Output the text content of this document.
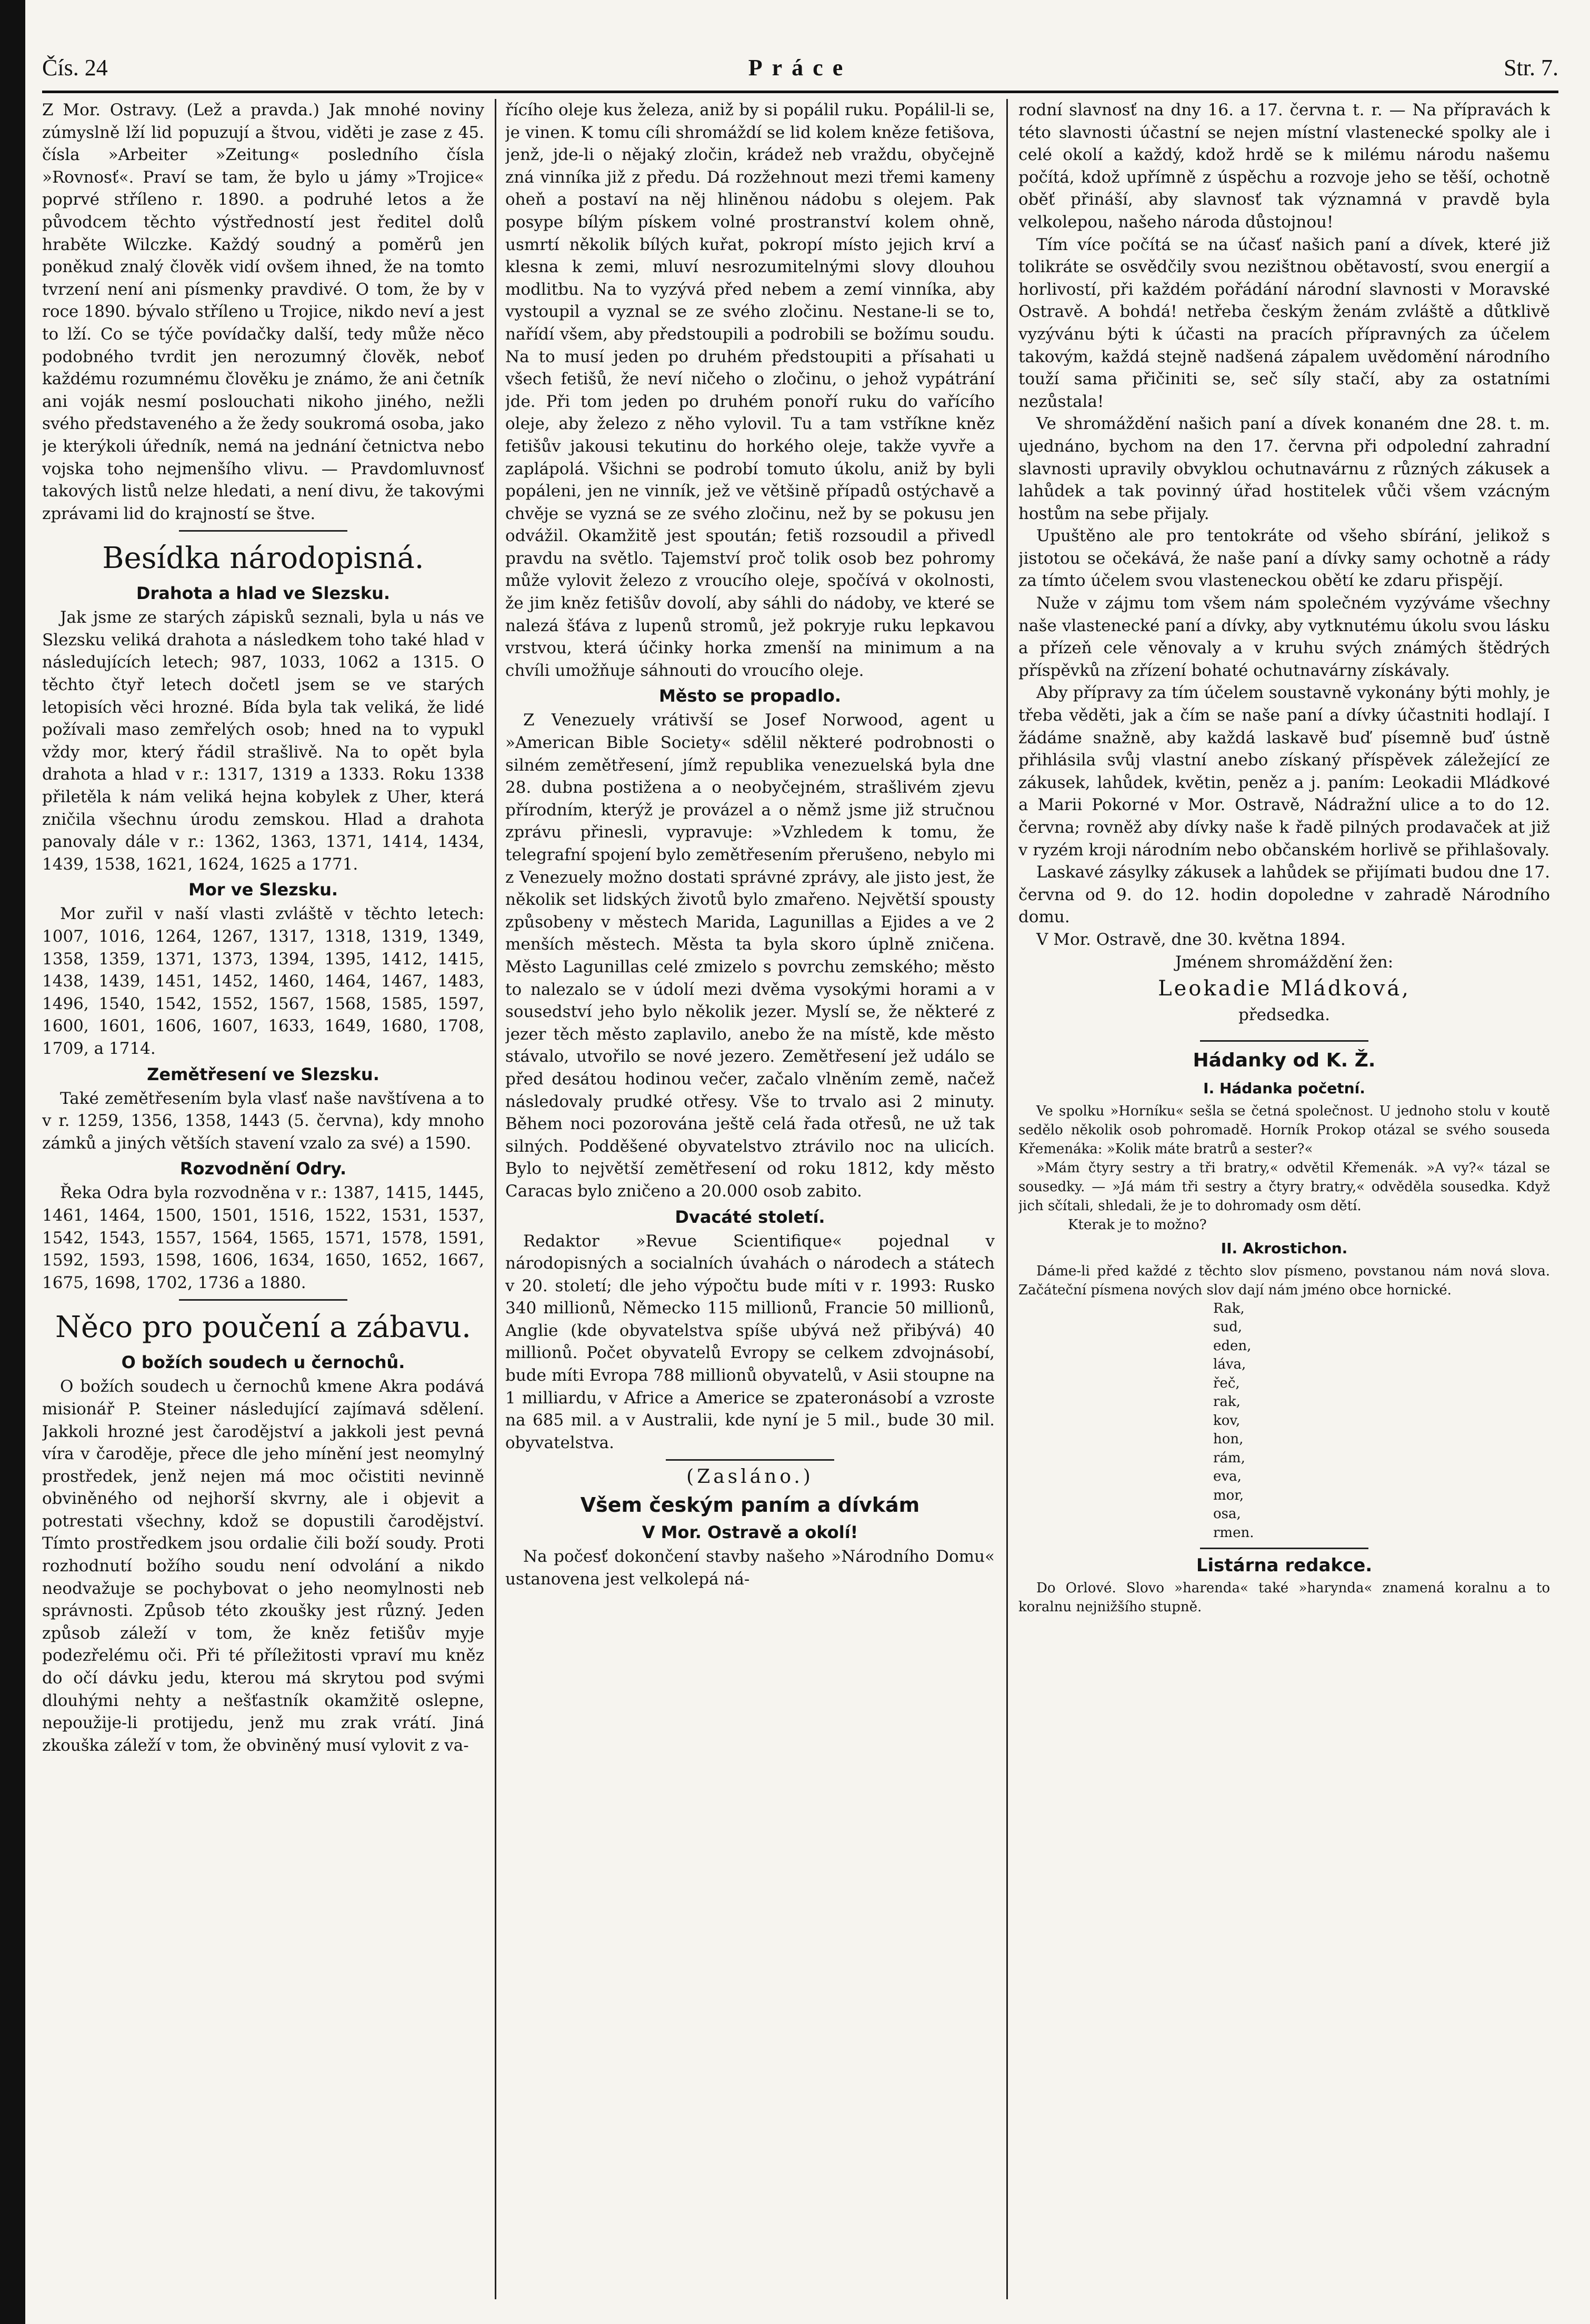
Čís. 24	Práce	Str. 7.

Z Mor. Ostravy. (Lež a pravda.) Jak mnohé noviny zúmyslně lží lid popuzují a štvou, viděti je zase z 45. čísla »Arbeiter »Zeitung« posledního čísla »Rovnosť«. Praví se tam, že bylo u jámy »Trojice« poprvé stříleno r. 1890. a podruhé letos a že původcem těchto výstředností jest ředitel dolů hraběte Wilczke. Každý soudný a poměrů jen poněkud znalý člověk vidí ovšem ihned, že na tomto tvrzení není ani písmenky pravdivé. O tom, že by v roce 1890. bývalo stříleno u Trojice, nikdo neví a jest to lží. Co se týče povídačky další, tedy může něco podobného tvrdit jen nerozumný člověk, neboť každému rozumnému člověku je známo, že ani četník ani voják nesmí poslouchati nikoho jiného, nežli svého představeného a že žedy soukromá osoba, jako je kterýkoli úředník, nemá na jednání četnictva nebo vojska toho nejmenšího vlivu. — Pravdomluvnosť takových listů nelze hledati, a není divu, že takovými zprávami lid do krajností se štve.

Besídka národopisná.
Drahota a hlad ve Slezsku.

Jak jsme ze starých zápisků seznali, byla u nás ve Slezsku veliká drahota a následkem toho také hlad v následujících letech; 987, 1033, 1062 a 1315. O těchto čtyř letech dočetl jsem se ve starých letopisích věci hrozné. Bída byla tak veliká, že lidé požívali maso zemřelých osob; hned na to vypukl vždy mor, který řádil strašlivě. Na to opět byla drahota a hlad v r.: 1317, 1319 a 1333. Roku 1338 přiletěla k nám veliká hejna kobylek z Uher, která zničila všechnu úrodu zemskou. Hlad a drahota panovaly dále v r.: 1362, 1363, 1371, 1414, 1434, 1439, 1538, 1621, 1624, 1625 a 1771.

Mor ve Slezsku.

Mor zuřil v naší vlasti zvláště v těchto letech: 1007, 1016, 1264, 1267, 1317, 1318, 1319, 1349, 1358, 1359, 1371, 1373, 1394, 1395, 1412, 1415, 1438, 1439, 1451, 1452, 1460, 1464, 1467, 1483, 1496, 1540, 1542, 1552, 1567, 1568, 1585, 1597, 1600, 1601, 1606, 1607, 1633, 1649, 1680, 1708, 1709, a 1714.

Zemětřesení ve Slezsku.

Také zemětřesením byla vlasť naše navštívena a to v r. 1259, 1356, 1358, 1443 (5. června), kdy mnoho zámků a jiných větších stavení vzalo za své) a 1590.

Rozvodnění Odry.

Řeka Odra byla rozvodněna v r.: 1387, 1415, 1445, 1461, 1464, 1500, 1501, 1516, 1522, 1531, 1537, 1542, 1543, 1557, 1564, 1565, 1571, 1578, 1591, 1592, 1593, 1598, 1606, 1634, 1650, 1652, 1667, 1675, 1698, 1702, 1736 a 1880.

Něco pro poučení a zábavu.
O božích soudech u černochů.

O božích soudech u černochů kmene Akra podává misionář P. Steiner následující zajímavá sdělení. Jakkoli hrozné jest čarodějství a jakkoli jest pevná víra v čaroděje, přece dle jeho mínění jest neomylný prostředek, jenž nejen má moc očistiti nevinně obviněného od nejhorší skvrny, ale i objevit a potrestati všechny, kdož se dopustili čarodějství. Tímto prostředkem jsou ordalie čili boží soudy. Proti rozhodnutí božího soudu není odvolání a nikdo neodvažuje se pochybovat o jeho neomylnosti neb správnosti. Způsob této zkoušky jest různý. Jeden způsob záleží v tom, že kněz fetišův myje podezřelému oči. Při té příležitosti vpraví mu kněz do očí dávku jedu, kterou má skrytou pod svými dlouhými nehty a nešťastník okamžitě oslepne, nepoužije-li protijedu, jenž mu zrak vrátí. Jiná zkouška záleží v tom, že obviněný musí vylovit z va-

řícího oleje kus železa, aniž by si popálil ruku. Popálil-li se, je vinen. K tomu cíli shromáždí se lid kolem kněze fetišova, jenž, jde-li o nějaký zločin, krádež neb vraždu, obyčejně zná vinníka již z předu. Dá rozžehnout mezi třemi kameny oheň a postaví na něj hliněnou nádobu s olejem. Pak posype bílým pískem volné prostranství kolem ohně, usmrtí několik bílých kuřat, pokropí místo jejich krví a klesna k zemi, mluví nesrozumitelnými slovy dlouhou modlitbu. Na to vyzývá před nebem a zemí vinníka, aby vystoupil a vyznal se ze svého zločinu. Nestane-li se to, nařídí všem, aby předstoupili a podrobili se božímu soudu. Na to musí jeden po druhém předstoupiti a přísahati u všech fetišů, že neví ničeho o zločinu, o jehož vypátrání jde. Při tom jeden po druhém ponoří ruku do vařícího oleje, aby železo z něho vylovil. Tu a tam vstříkne kněz fetišův jakousi tekutinu do horkého oleje, takže vyvře a zaplápolá. Všichni se podrobí tomuto úkolu, aniž by byli popáleni, jen ne vinník, jež ve většině případů ostýchavě a chvěje se vyzná se ze svého zločinu, než by se pokusu jen odvážil. Okamžitě jest spoután; fetiš rozsoudil a přivedl pravdu na světlo. Tajemství proč tolik osob bez pohromy může vylovit železo z vroucího oleje, spočívá v okolnosti, že jim kněz fetišův dovolí, aby sáhli do nádoby, ve které se nalezá šťáva z lupenů stromů, jež pokryje ruku lepkavou vrstvou, která účinky horka zmenší na minimum a na chvíli umožňuje sáhnouti do vroucího oleje.

Město se propadlo.

Z Venezuely vrátivší se Josef Norwood, agent u »American Bible Society« sdělil některé podrobnosti o silném zemětřesení, jímž republika venezuelská byla dne 28. dubna postižena a o neobyčejném, strašlivém zjevu přírodním, kterýž je provázel a o němž jsme již stručnou zprávu přinesli, vypravuje: »Vzhledem k tomu, že telegrafní spojení bylo zemětřesením přerušeno, nebylo mi z Venezuely možno dostati správné zprávy, ale jisto jest, že několik set lidských životů bylo zmařeno. Největší spousty způsobeny v městech Marida, Lagunillas a Ejides a ve 2 menších městech. Města ta byla skoro úplně zničena. Město Lagunillas celé zmizelo s povrchu zemského; město to nalezalo se v údolí mezi dvěma vysokými horami a v sousedství jeho bylo několik jezer. Myslí se, že některé z jezer těch město zaplavilo, anebo že na místě, kde město stávalo, utvořilo se nové jezero. Zemětřesení jež událo se před desátou hodinou večer, začalo vlněním země, načež následovaly prudké otřesy. Vše to trvalo asi 2 minuty. Během noci pozorována ještě celá řada otřesů, ne už tak silných. Podděšené obyvatelstvo ztrávilo noc na ulicích. Bylo to největší zemětřesení od roku 1812, kdy město Caracas bylo zničeno a 20.000 osob zabito.

Dvacáté století.

Redaktor »Revue Scientifique« pojednal v národopisných a socialních úvahách o národech a státech v 20. století; dle jeho výpočtu bude míti v r. 1993: Rusko 340 millionů, Německo 115 millionů, Francie 50 millionů, Anglie (kde obyvatelstva spíše ubývá než přibývá) 40 millionů. Počet obyvatelů Evropy se celkem zdvojnásobí, bude míti Evropa 788 millionů obyvatelů, v Asii stoupne na 1 milliardu, v Africe a Americe se zpateronásobí a vzroste na 685 mil. a v Australii, kde nyní je 5 mil., bude 30 mil. obyvatelstva.

(Zasláno.)

Všem českým paním a dívkám
V Mor. Ostravě a okolí!

Na počesť dokončení stavby našeho »Národního Domu« ustanovena jest velkolepá ná-

rodní slavnosť na dny 16. a 17. června t. r. — Na přípravách k této slavnosti účastní se nejen místní vlastenecké spolky ale i celé okolí a každý, kdož hrdě se k milému národu našemu počítá, kdož upřímně z úspěchu a rozvoje jeho se těší, ochotně oběť přináší, aby slavnosť tak významná v pravdě byla velkolepou, našeho národa důstojnou!

Tím více počítá se na účasť našich paní a dívek, které již tolikráte se osvědčily svou nezištnou obětavostí, svou energií a horlivostí, při každém pořádání národní slavnosti v Moravské Ostravě. A bohdá! netřeba českým ženám zvláště a důtklivě vyzývánu býti k účasti na pracích přípravných za účelem takovým, každá stejně nadšená zápalem uvědomění národního touží sama přičiniti se, seč síly stačí, aby za ostatními nezůstala!

Ve shromáždění našich paní a dívek konaném dne 28. t. m. ujednáno, bychom na den 17. června při odpolední zahradní slavnosti upravily obvyklou ochutnavárnu z různých zákusek a lahůdek a tak povinný úřad hostitelek vůči všem vzácným hostům na sebe přijaly.

Upuštěno ale pro tentokráte od všeho sbírání, jelikož s jistotou se očekává, že naše paní a dívky samy ochotně a rády za tímto účelem svou vlasteneckou obětí ke zdaru přispějí.

Nuže v zájmu tom všem nám společném vyzýváme všechny naše vlastenecké paní a dívky, aby vytknutému úkolu svou lásku a přízeň cele věnovaly a v kruhu svých známých štědrých příspěvků na zřízení bohaté ochutnavárny získávaly.

Aby přípravy za tím účelem soustavně vykonány býti mohly, je třeba věděti, jak a čím se naše paní a dívky účastniti hodlají. I žádáme snažně, aby každá laskavě buď písemně buď ústně přihlásila svůj vlastní anebo získaný příspěvek záležející ze zákusek, lahůdek, květin, peněz a j. paním: Leokadii Mládkové a Marii Pokorné v Mor. Ostravě, Nádražní ulice a to do 12. června; rovněž aby dívky naše k řadě pilných prodavaček at již v ryzém kroji národním nebo občanském horlivě se přihlašovaly.

Laskavé zásylky zákusek a lahůdek se přijímati budou dne 17. června od 9. do 12. hodin dopoledne v zahradě Národního domu.

V Mor. Ostravě, dne 30. května 1894.

Jménem shromáždění žen:

Leokadie Mládková,

předsedka.

Hádanky od K. Ž.
I. Hádanka početní.

Ve spolku »Horníku« sešla se četná společnost. U jednoho stolu v koutě sedělo několik osob pohromadě. Horník Prokop otázal se svého souseda Křemenáka: »Kolik máte bratrů a sester?«

»Mám čtyry sestry a tři bratry,« odvětil Křemenák. »A vy?« tázal se sousedky. — »Já mám tři sestry a čtyry bratry,« odvěděla sousedka. Když jich sčítali, shledali, že je to dohromady osm dětí.

Kterak je to možno?

II. Akrostichon.

Dáme-li před každé z těchto slov písmeno, povstanou nám nová slova. Začáteční písmena nových slov dají nám jméno obce hornické.

Rak,
sud,
eden,
láva,
řeč,
rak,
kov,
hon,
rám,
eva,
mor,
osa,
rmen.
Listárna redakce.

Do Orlové. Slovo »harenda« také »harynda« znamená koralnu a to koralnu nejnižšího stupně.
